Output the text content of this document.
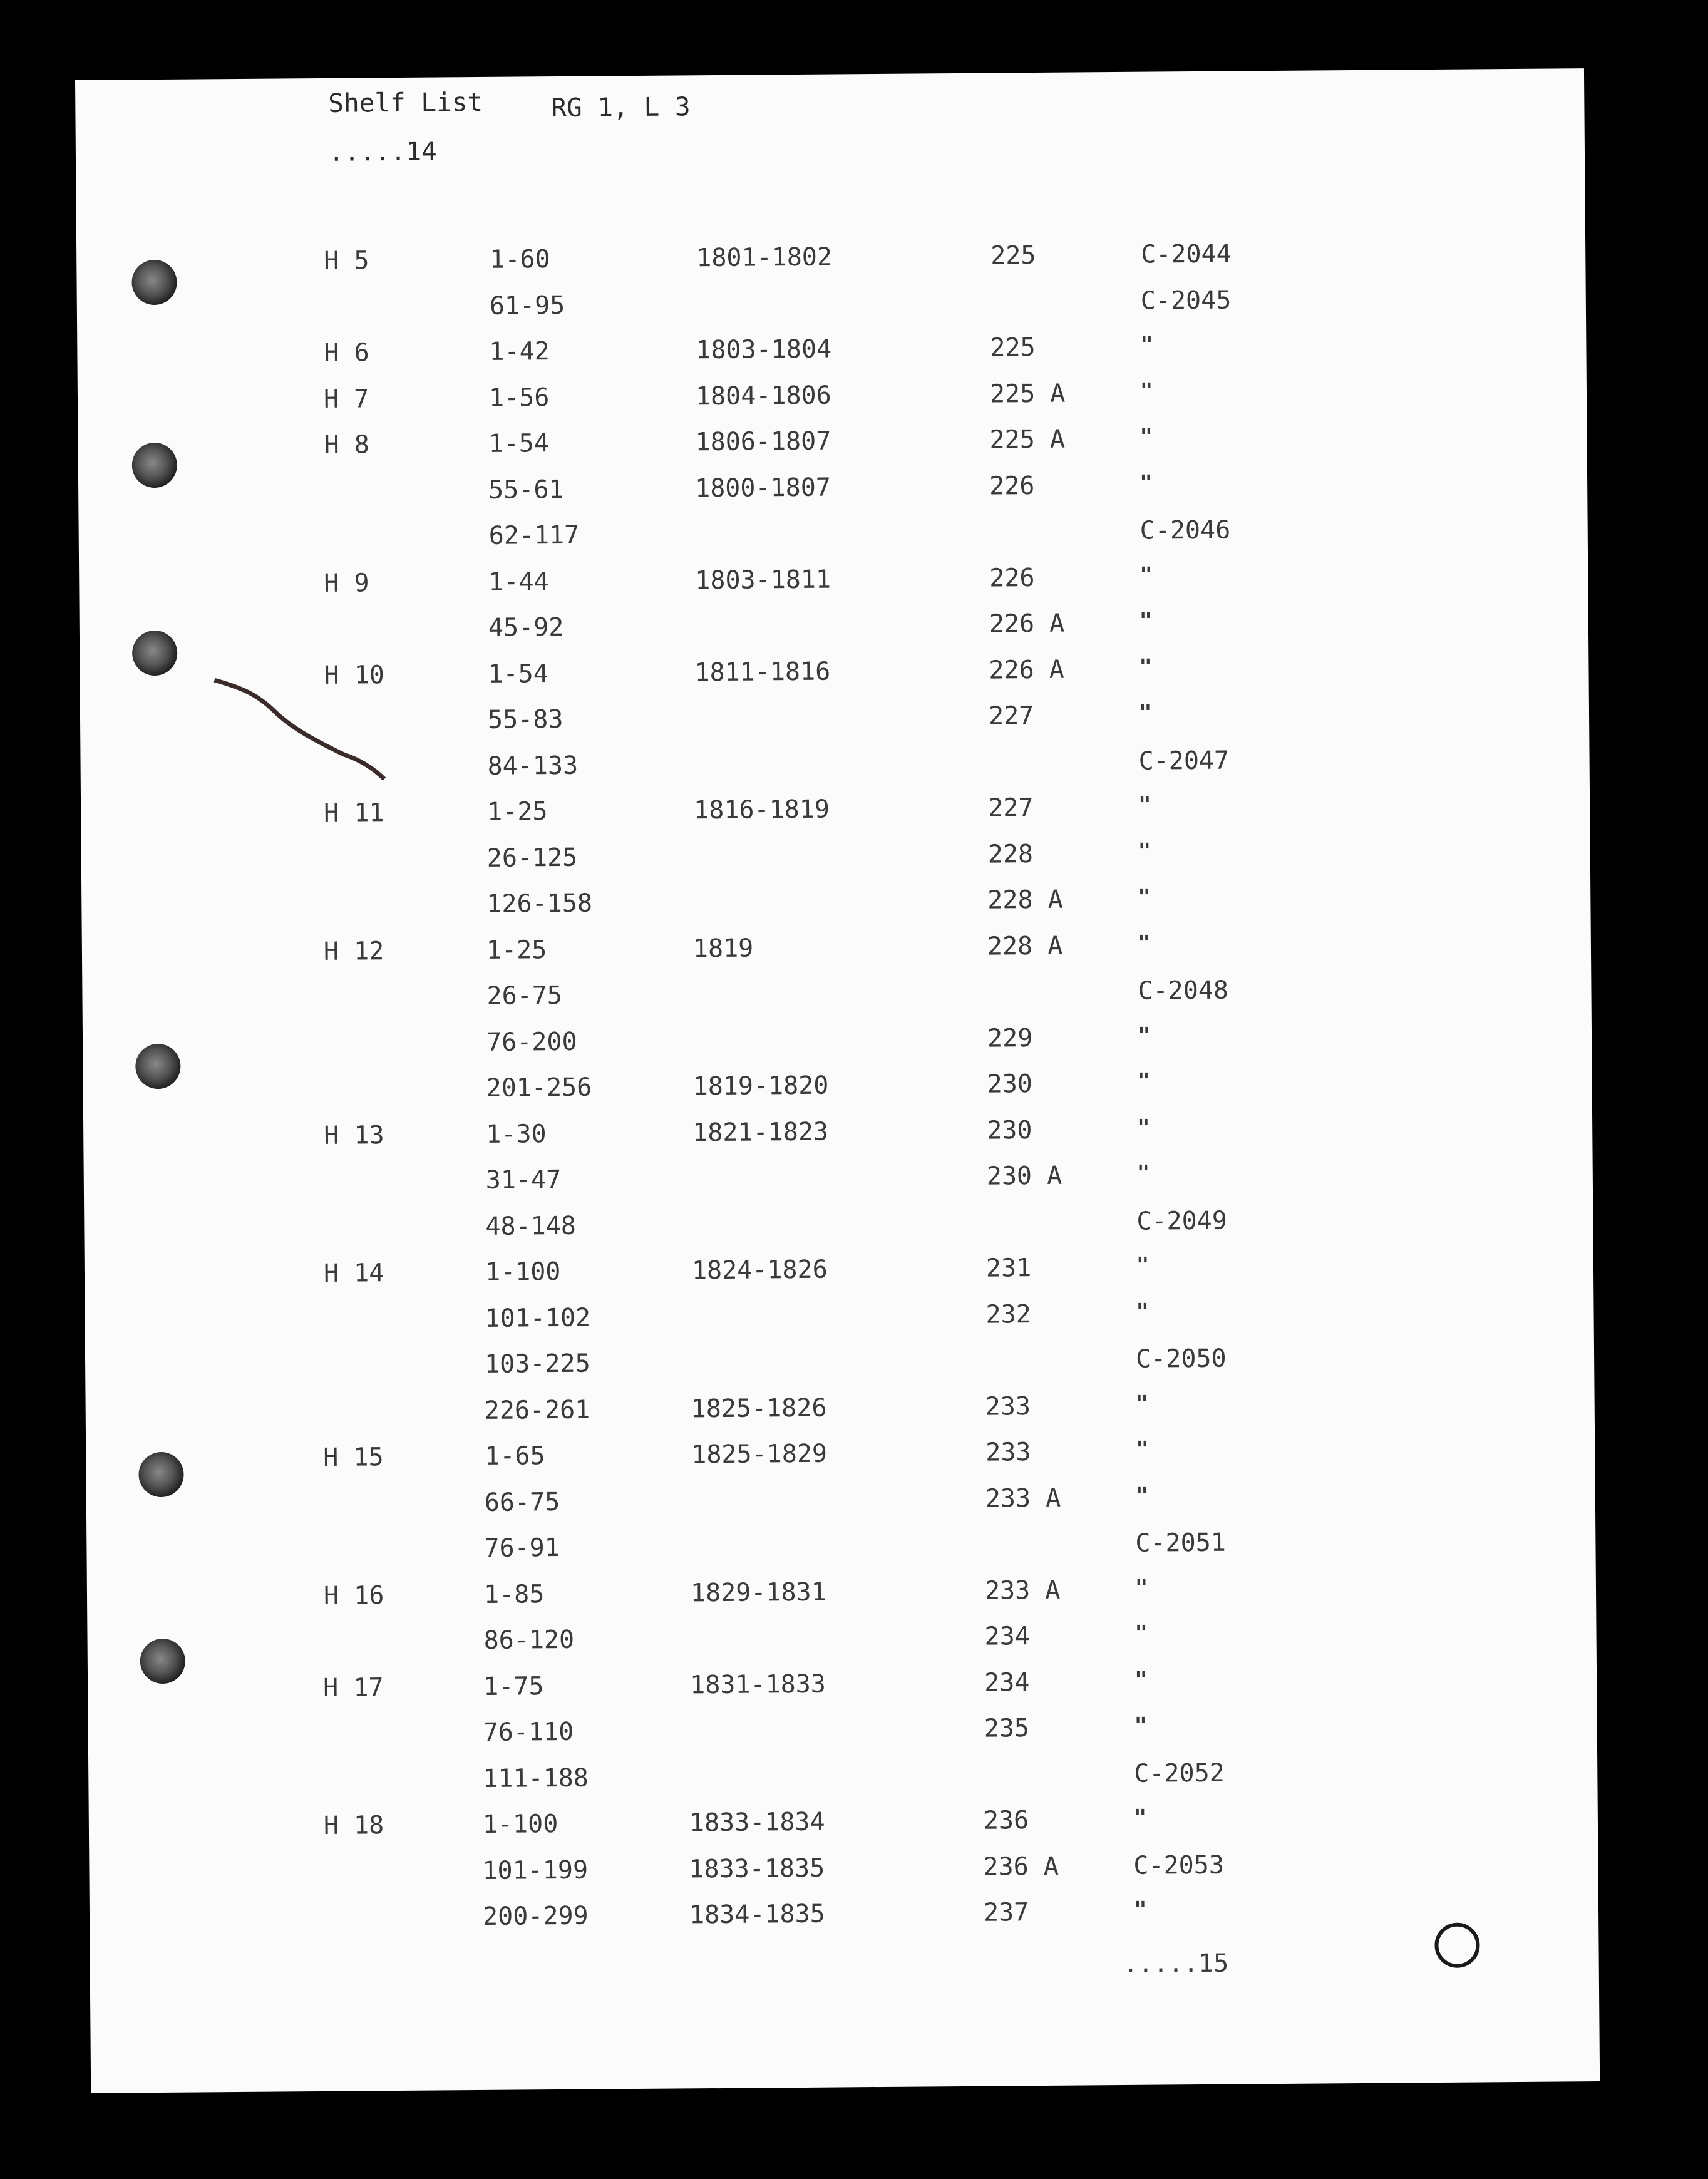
Shelf List	RG 1, L 3
.....14
H 5	1-60	1801-1802	225	C-2044
61-95	C-2045
H 6	1-42	1803-1804	225	"
H 7	1-56	1804-1806	225 A	"
H 8	1-54	1806-1807	225 A	"
55-61	1800-1807	226	"
62-117	C-2046
H 9	1-44	1803-1811	226	"
45-92	226 A	"
H 10	1-54	1811-1816	226 A	"
55-83	227	"
84-133	C-2047
H 11	1-25	1816-1819	227	"
26-125	228	"
126-158	228 A	"
H 12	1-25	1819	228 A	"
26-75	C-2048
76-200	229	"
201-256	1819-1820	230	"
H 13	1-30	1821-1823	230	"
31-47	230 A	"
48-148	C-2049
H 14	1-100	1824-1826	231	"
101-102	232	"
103-225	C-2050
226-261	1825-1826	233	"
H 15	1-65	1825-1829	233	"
66-75	233 A	"
76-91	C-2051
H 16	1-85	1829-1831	233 A	"
86-120	234	"
H 17	1-75	1831-1833	234	"
76-110	235	"
111-188	C-2052
H 18	1-100	1833-1834	236	"
101-199	1833-1835	236 A	C-2053
200-299	1834-1835	237	"
.....15
